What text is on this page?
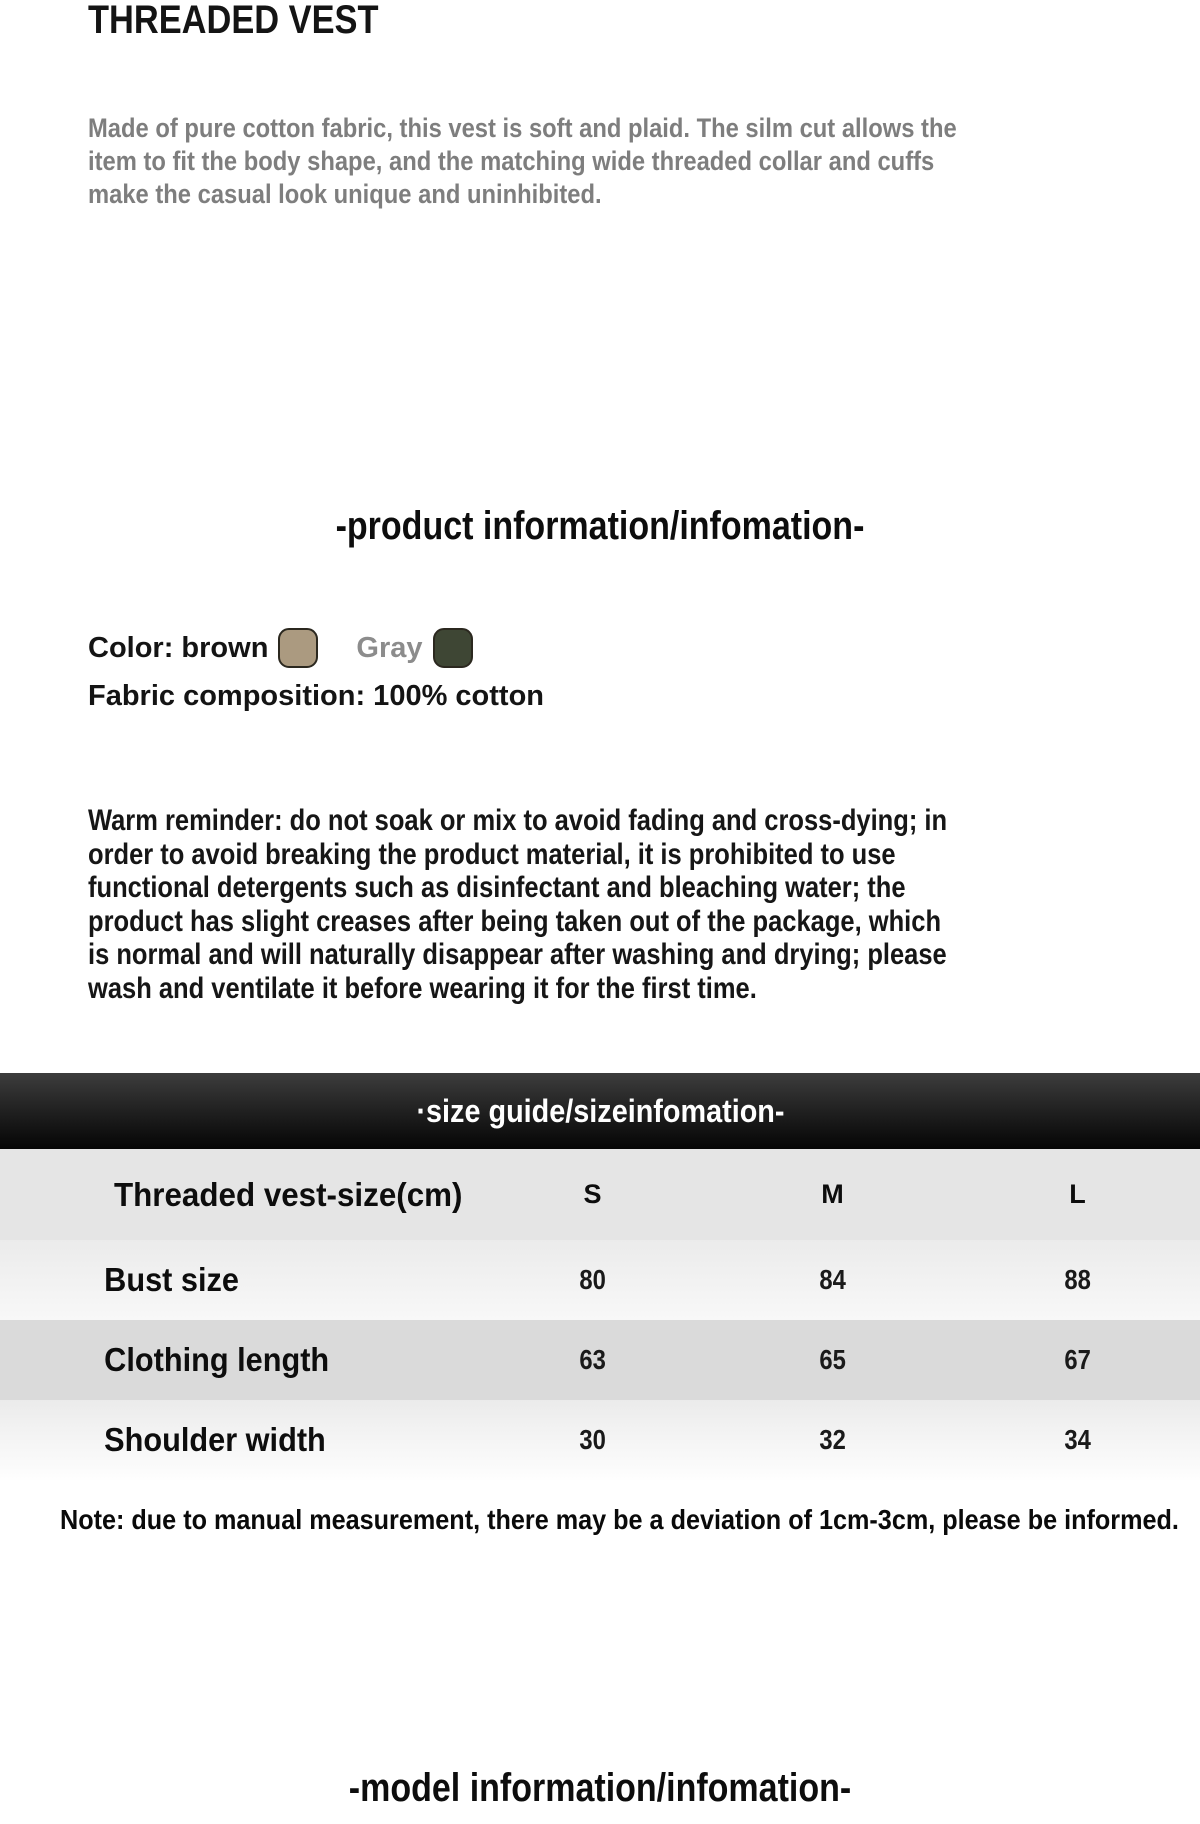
THREADED VEST
Made of pure cotton fabric, this vest is soft and plaid. The silm cut allows the
item to fit the body shape, and the matching wide threaded collar and cuffs
make the casual look unique and uninhibited.
-product information/infomation-
Color: brown	Gray
Fabric composition: 100% cotton
Warm reminder: do not soak or mix to avoid fading and cross-dying; in
order to avoid breaking the product material, it is prohibited to use
functional detergents such as disinfectant and bleaching water; the
product has slight creases after being taken out of the package, which
is normal and will naturally disappear after washing and drying; please
wash and ventilate it before wearing it for the first time.
·size guide/sizeinfomation-
Threaded vest-size(cm)	S	M	L
Bust size	80	84	88
Clothing length	63	65	67
Shoulder width	30	32	34
Note: due to manual measurement, there may be a deviation of 1cm-3cm, please be informed.
-model information/infomation-
